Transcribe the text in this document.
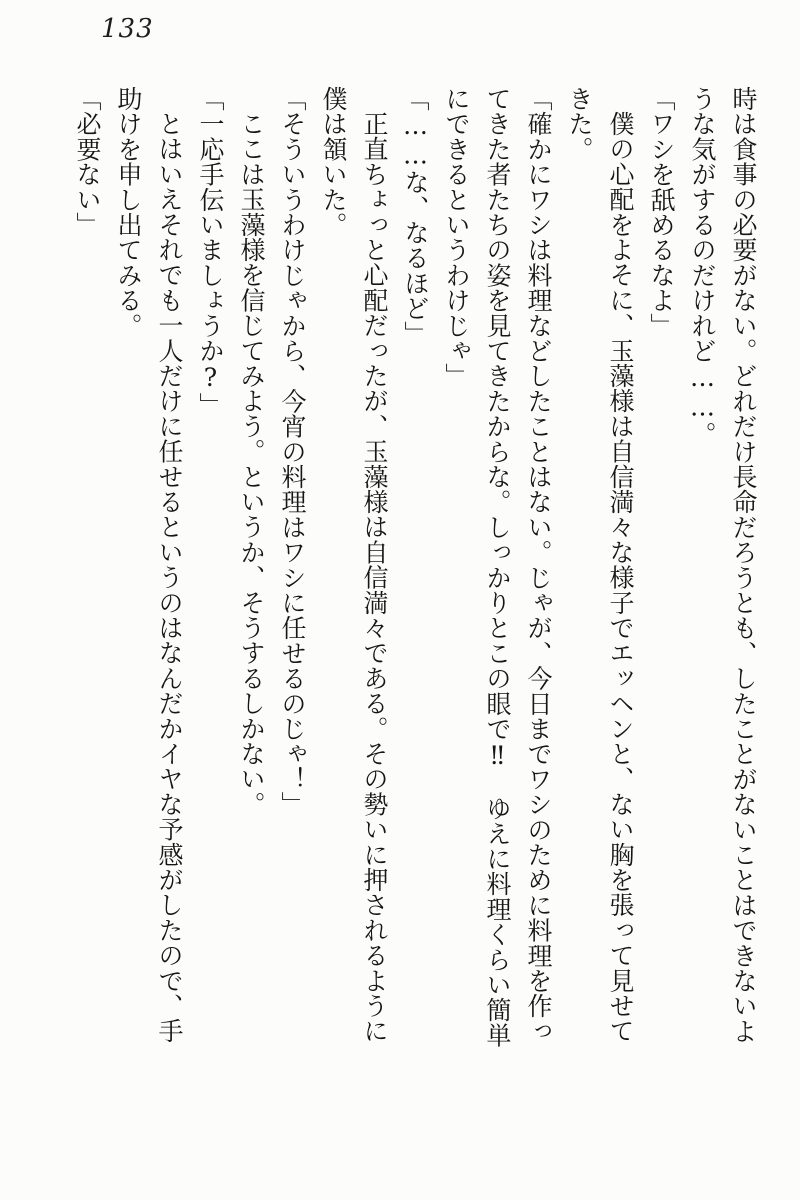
133

時は食事の必要がない。どれだけ長命だろうとも、したことがないことはできないよ

うな気がするのだけれど……。

「ワシを舐めるなよ」

僕の心配をよそに、玉藻様は自信満々な様子でエッヘンと、ない胸を張って見せて

きた。

「確かにワシは料理などしたことはない。じゃが、今日までワシのために料理を作っ

てきた者たちの姿を見てきたからな。しっかりとこの眼で‼　ゆえに料理くらい簡単

にできるというわけじゃ」

「……な、なるほど」

正直ちょっと心配だったが、玉藻様は自信満々である。その勢いに押されるように

僕は頷いた。

「そういうわけじゃから、今宵の料理はワシに任せるのじゃ！」

ここは玉藻様を信じてみよう。というか、そうするしかない。

「一応手伝いましょうか?」

とはいえそれでも一人だけに任せるというのはなんだかイヤな予感がしたので、手

助けを申し出てみる。

「必要ない」
